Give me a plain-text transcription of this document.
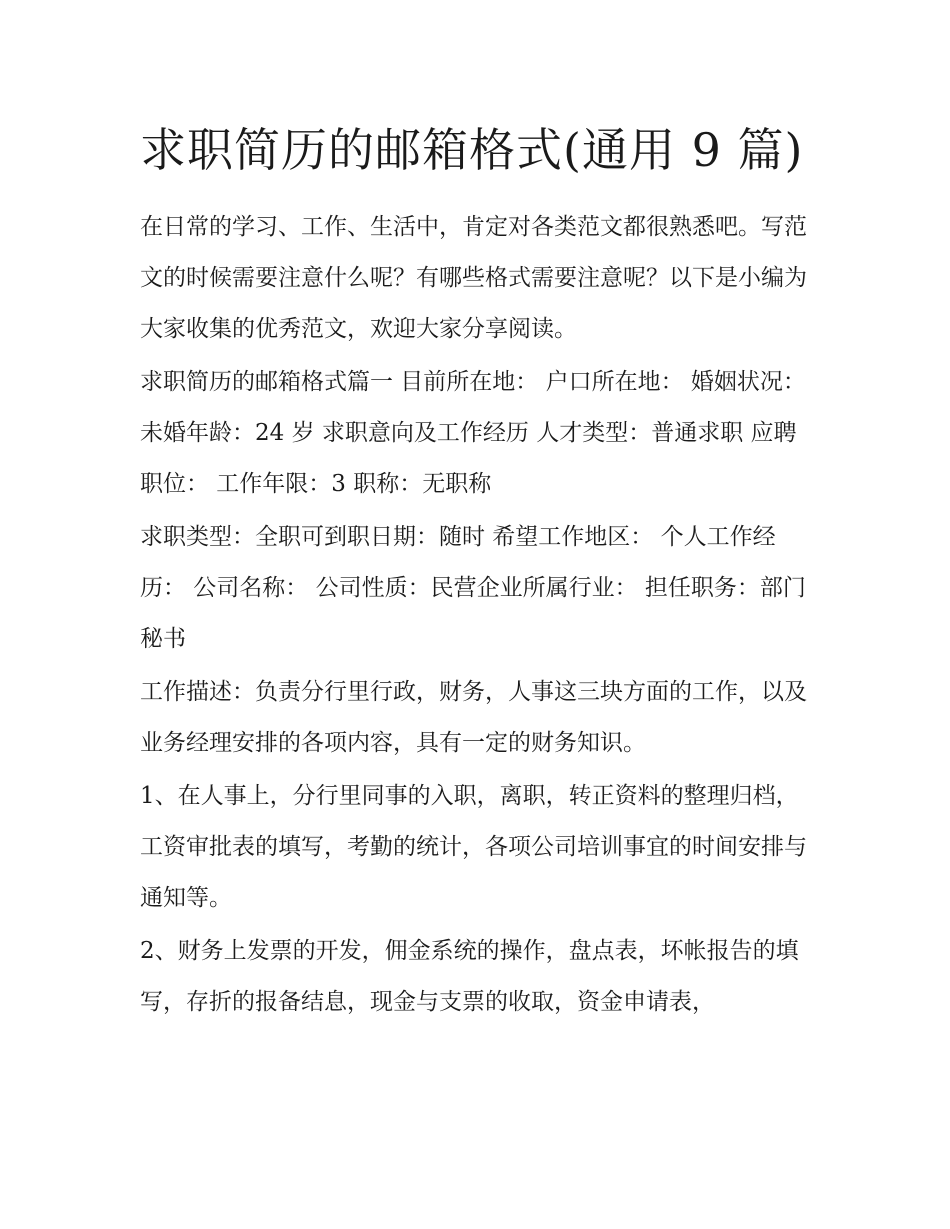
求职简历的邮箱格式(通用 9 篇)

在日常的学习、工作、生活中，肯定对各类范文都很熟悉吧。写范文的时候需要注意什么呢？有哪些格式需要注意呢？以下是小编为大家收集的优秀范文，欢迎大家分享阅读。

求职简历的邮箱格式篇一 目前所在地： 户口所在地： 婚姻状况：未婚年龄：24 岁 求职意向及工作经历 人才类型：普通求职 应聘职位： 工作年限：3 职称：无职称

求职类型：全职可到职日期：随时 希望工作地区： 个人工作经历： 公司名称： 公司性质：民营企业所属行业： 担任职务：部门秘书

工作描述：负责分行里行政，财务，人事这三块方面的工作，以及业务经理安排的各项内容，具有一定的财务知识。

1、在人事上，分行里同事的入职，离职，转正资料的整理归档，工资审批表的填写，考勤的统计，各项公司培训事宜的时间安排与通知等。

2、财务上发票的开发，佣金系统的操作，盘点表，坏帐报告的填写，存折的报备结息，现金与支票的收取，资金申请表，
